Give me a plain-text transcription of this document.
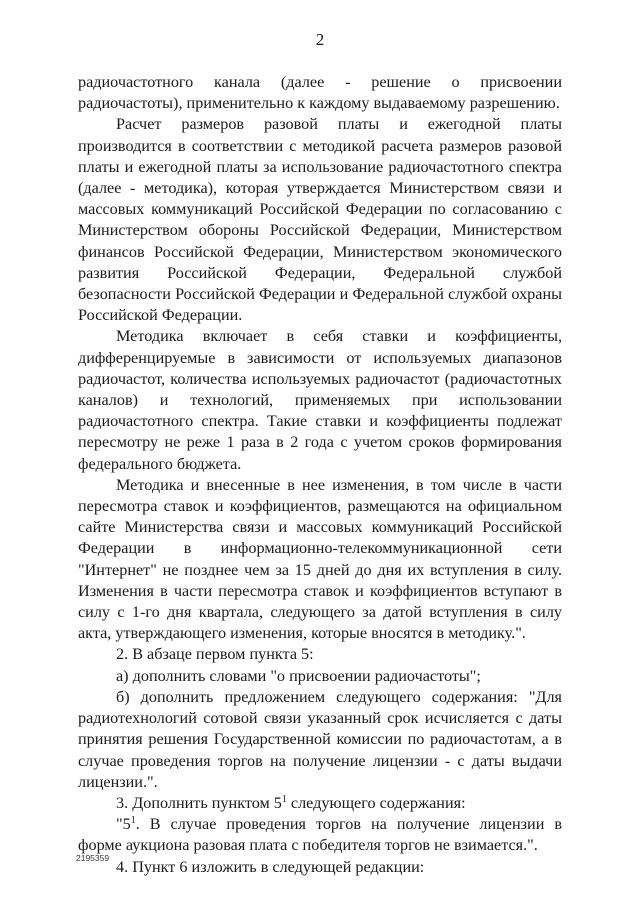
2

радиочастотного канала (далее - решение о присвоении радиочастоты), применительно к каждому выдаваемому разрешению.

Расчет размеров разовой платы и ежегодной платы производится в соответствии с методикой расчета размеров разовой платы и ежегодной платы за использование радиочастотного спектра (далее - методика), которая утверждается Министерством связи и массовых коммуникаций Российской Федерации по согласованию с Министерством обороны Российской Федерации, Министерством финансов Российской Федерации, Министерством экономического развития Российской Федерации, Федеральной службой безопасности Российской Федерации и Федеральной службой охраны Российской Федерации.

Методика включает в себя ставки и коэффициенты, дифференцируемые в зависимости от используемых диапазонов радиочастот, количества используемых радиочастот (радиочастотных каналов) и технологий, применяемых при использовании радиочастотного спектра. Такие ставки и коэффициенты подлежат пересмотру не реже 1 раза в 2 года с учетом сроков формирования федерального бюджета.

Методика и внесенные в нее изменения, в том числе в части пересмотра ставок и коэффициентов, размещаются на официальном сайте Министерства связи и массовых коммуникаций Российской Федерации в информационно-телекоммуникационной сети "Интернет" не позднее чем за 15 дней до дня их вступления в силу. Изменения в части пересмотра ставок и коэффициентов вступают в силу с 1-го дня квартала, следующего за датой вступления в силу акта, утверждающего изменения, которые вносятся в методику.".

2. В абзаце первом пункта 5:

а) дополнить словами "о присвоении радиочастоты";

б) дополнить предложением следующего содержания: "Для радиотехнологий сотовой связи указанный срок исчисляется с даты принятия решения Государственной комиссии по радиочастотам, а в случае проведения торгов на получение лицензии - с даты выдачи лицензии.".

3. Дополнить пунктом $5^1$ следующего содержания:

"$5^1$. В случае проведения торгов на получение лицензии в форме аукциона разовая плата с победителя торгов не взимается.".

4. Пункт 6 изложить в следующей редакции:

2195359
